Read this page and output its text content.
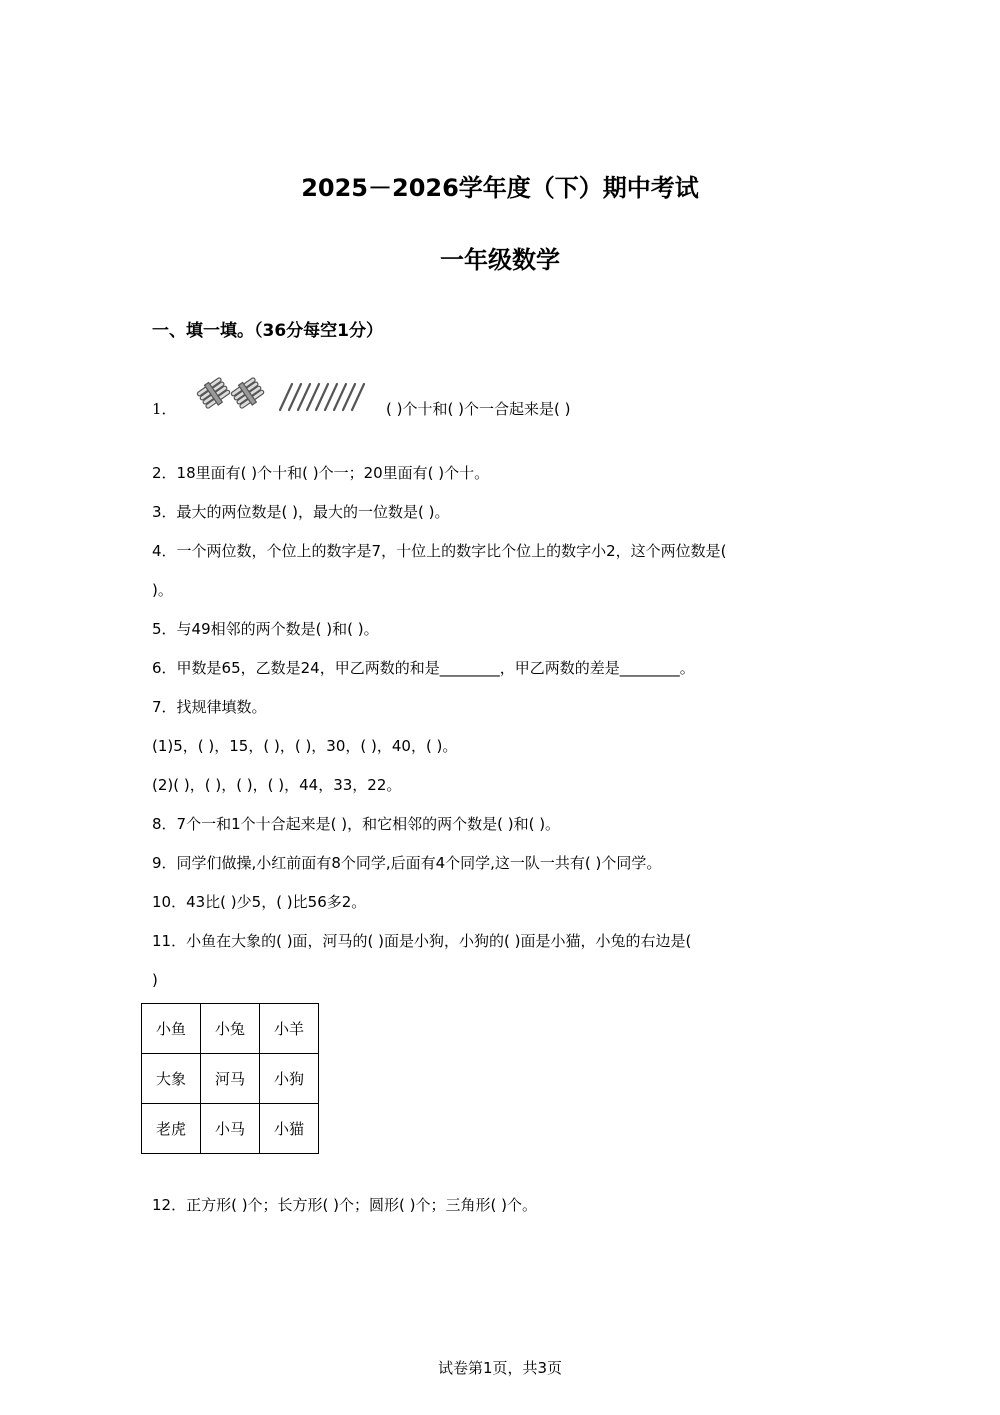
2025－2026学年度（下）期中考试
一年级数学
一、填一填。（36分每空1分）
1．	( )个十和( )个一合起来是( )
2．18里面有( )个十和( )个一；20里面有( )个十。
3．最大的两位数是( )，最大的一位数是( )。
4．一个两位数，个位上的数字是7，十位上的数字比个位上的数字小2，这个两位数是(
)。
5．与49相邻的两个数是( )和( )。
6．甲数是65，乙数是24，甲乙两数的和是________，甲乙两数的差是________。
7．找规律填数。
(1)5，( )，15，( )，( )，30，( )，40，( )。
(2)( )，( )，( )，( )，44，33，22。
8．7个一和1个十合起来是( )，和它相邻的两个数是( )和( )。
9．同学们做操,小红前面有8个同学,后面有4个同学,这一队一共有( )个同学。
10．43比( )少5，( )比56多2。
11．小鱼在大象的( )面，河马的( )面是小狗，小狗的( )面是小猫，小兔的右边是(
)
小鱼	小兔	小羊
大象	河马	小狗
老虎	小马	小猫
12．正方形( )个；长方形( )个；圆形( )个；三角形( )个。
试卷第1页，共3页
